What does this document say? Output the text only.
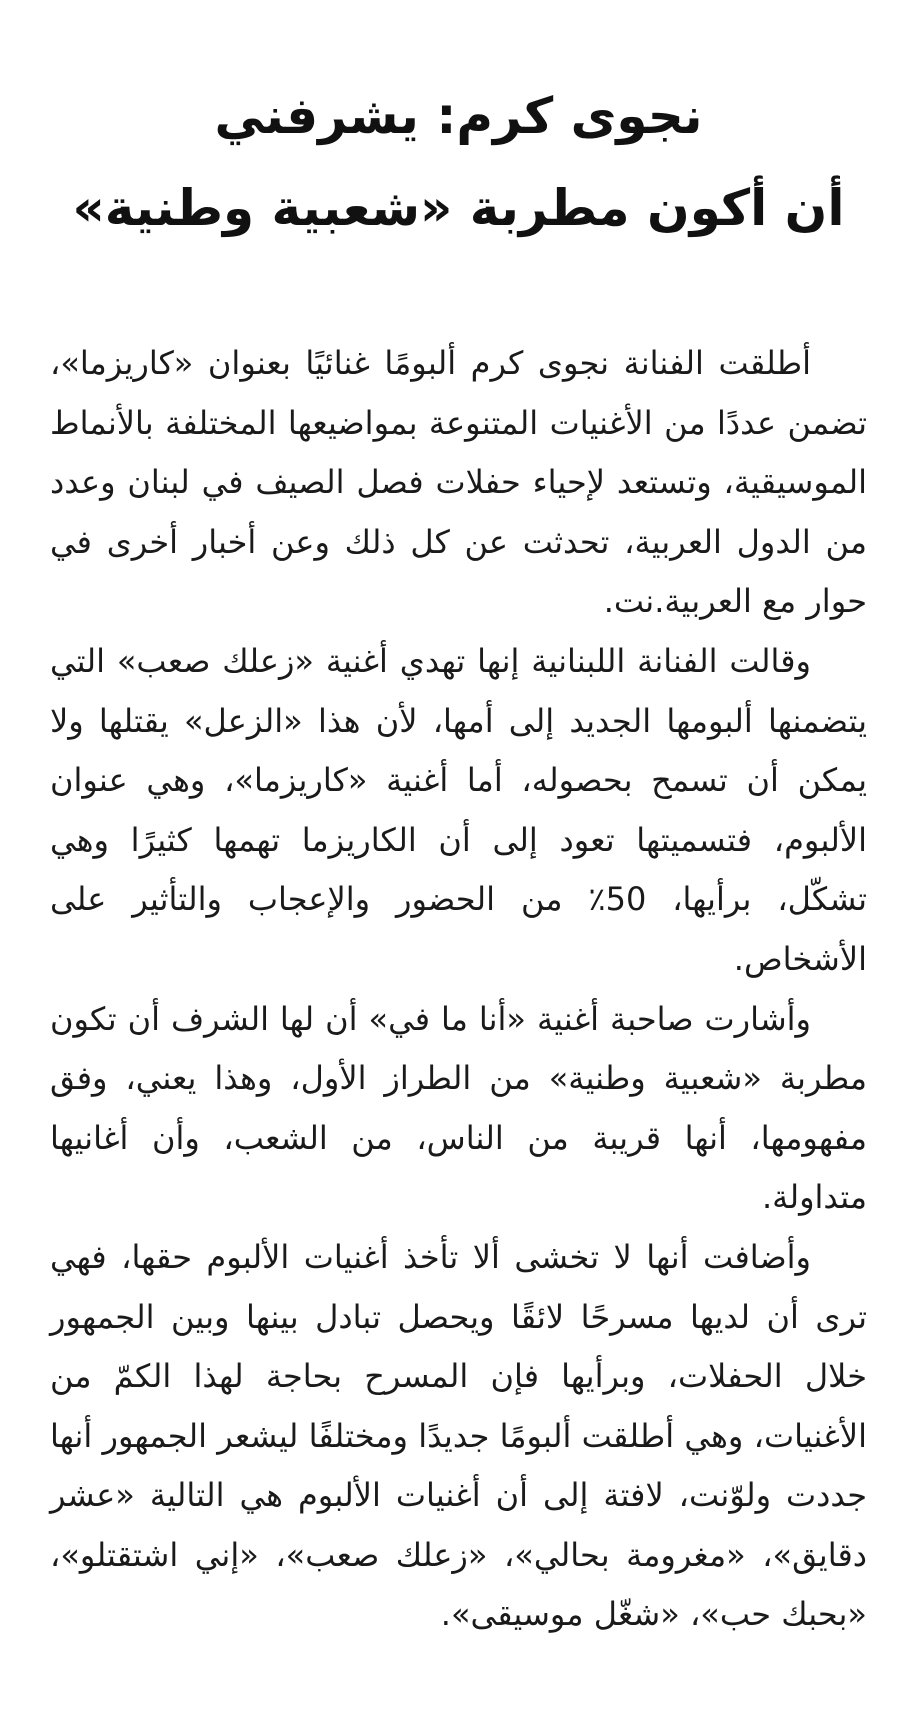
نجوى كرم: يشرفني
أن أكون مطربة «شعبية وطنية»

أطلقت الفنانة نجوى كرم ألبومًا غنائيًا بعنوان «كاريزما»، تضمن عددًا من الأغنيات المتنوعة بمواضيعها المختلفة بالأنماط الموسيقية، وتستعد لإحياء حفلات فصل الصيف في لبنان وعدد من الدول العربية، تحدثت عن كل ذلك وعن أخبار أخرى في حوار مع العربية.نت.

وقالت الفنانة اللبنانية إنها تهدي أغنية «زعلك صعب» التي يتضمنها ألبومها الجديد إلى أمها، لأن هذا «الزعل» يقتلها ولا يمكن أن تسمح بحصوله، أما أغنية «كاريزما»، وهي عنوان الألبوم، فتسميتها تعود إلى أن الكاريزما تهمها كثيرًا وهي تشكّل، برأيها، 50٪ من الحضور والإعجاب والتأثير على الأشخاص.

وأشارت صاحبة أغنية «أنا ما في» أن لها الشرف أن تكون مطربة «شعبية وطنية» من الطراز الأول، وهذا يعني، وفق مفهومها، أنها قريبة من الناس، من الشعب، وأن أغانيها متداولة.

وأضافت أنها لا تخشى ألا تأخذ أغنيات الألبوم حقها، فهي ترى أن لديها مسرحًا لائقًا ويحصل تبادل بينها وبين الجمهور خلال الحفلات، وبرأيها فإن المسرح بحاجة لهذا الكمّ من الأغنيات، وهي أطلقت ألبومًا جديدًا ومختلفًا ليشعر الجمهور أنها جددت ولوّنت، لافتة إلى أن أغنيات الألبوم هي التالية «عشر دقايق»، «مغرومة بحالي»، «زعلك صعب»، «إني اشتقتلو»، «بحبك حب»، «شغّل موسيقى».
